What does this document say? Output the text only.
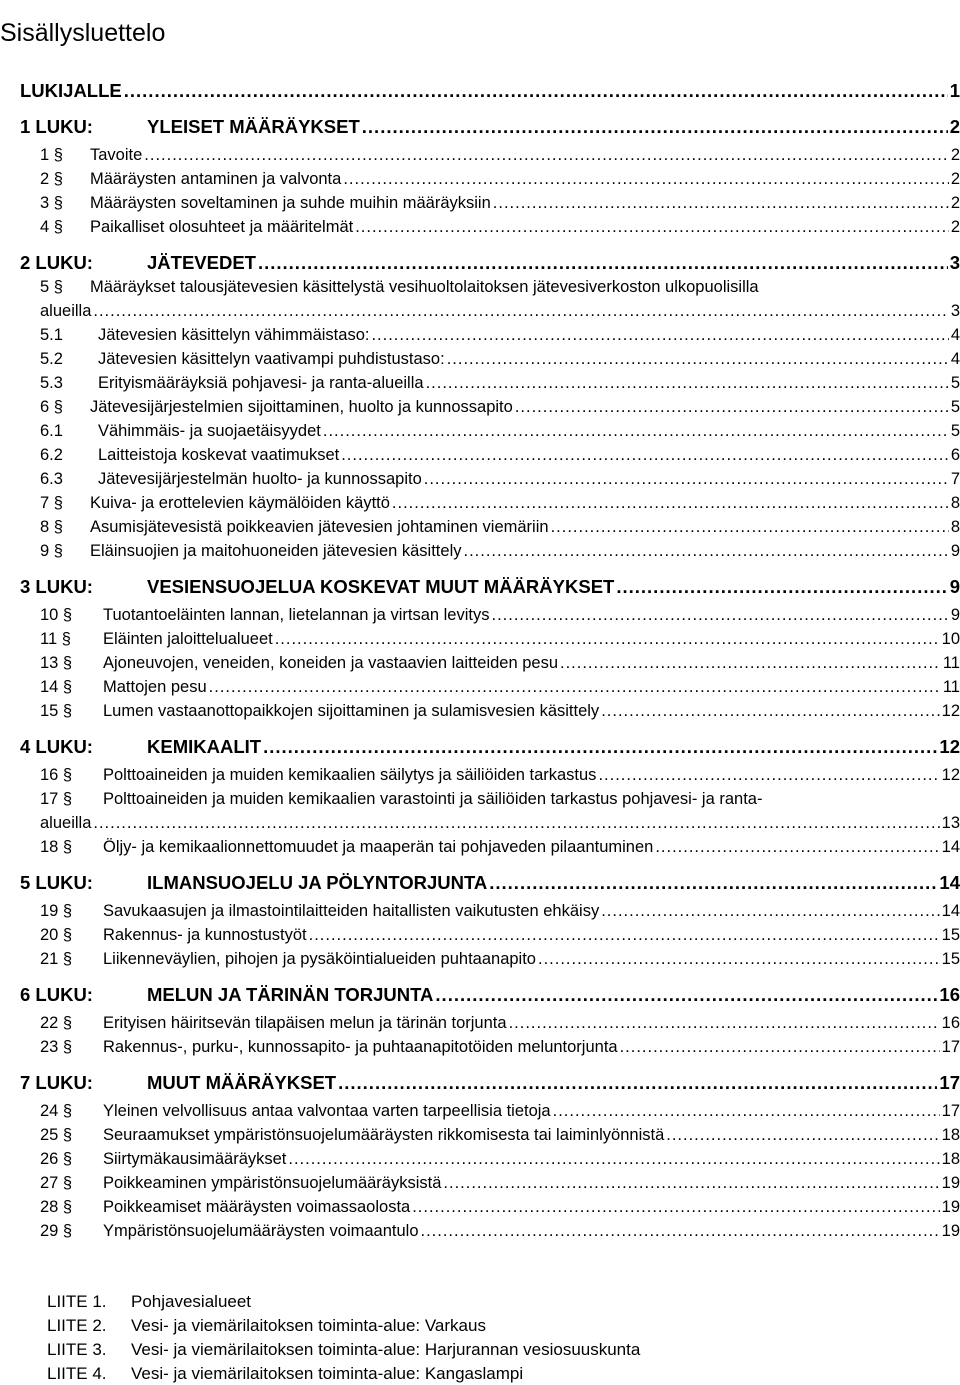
Sisällysluettelo
LUKIJALLE .....	1
1 LUKU:	YLEISET MÄÄRÄYKSET .....	2
1 §	Tavoite .....	2
2 §	Määräysten antaminen ja valvonta .....	2
3 §	Määräysten soveltaminen ja suhde muihin määräyksiin .....	2
4 §	Paikalliset olosuhteet ja määritelmät .....	2
2 LUKU:	JÄTEVEDET .....	3
5 §	Määräykset talousjätevesien käsittelystä vesihuoltolaitoksen jätevesiverkoston ulkopuolisilla
alueilla .....	3
5.1	Jätevesien käsittelyn vähimmäistaso: .....	4
5.2	Jätevesien käsittelyn vaativampi puhdistustaso: .....	4
5.3	Erityismääräyksiä pohjavesi- ja ranta-alueilla .....	5
6 §	Jätevesijärjestelmien sijoittaminen, huolto ja kunnossapito .....	5
6.1	Vähimmäis- ja suojaetäisyydet .....	5
6.2	Laitteistoja koskevat vaatimukset .....	6
6.3	Jätevesijärjestelmän huolto- ja kunnossapito .....	7
7 §	Kuiva- ja erottelevien käymälöiden käyttö .....	8
8 §	Asumisjätevesistä poikkeavien jätevesien johtaminen viemäriin .....	8
9 §	Eläinsuojien ja maitohuoneiden jätevesien käsittely .....	9
3 LUKU:	VESIENSUOJELUA KOSKEVAT MUUT MÄÄRÄYKSET .....	9
10 §	Tuotantoeläinten lannan, lietelannan ja virtsan levitys .....	9
11 §	Eläinten jaloittelualueet .....	10
13 §	Ajoneuvojen, veneiden, koneiden ja vastaavien laitteiden pesu .....	11
14 §	Mattojen pesu .....	11
15 §	Lumen vastaanottopaikkojen sijoittaminen ja sulamisvesien käsittely .....	12
4 LUKU:	KEMIKAALIT .....	12
16 §	Polttoaineiden ja muiden kemikaalien säilytys ja säiliöiden tarkastus .....	12
17 §	Polttoaineiden ja muiden kemikaalien varastointi ja säiliöiden tarkastus pohjavesi- ja ranta-
alueilla .....	13
18 §	Öljy- ja kemikaalionnettomuudet ja maaperän tai pohjaveden pilaantuminen .....	14
5 LUKU:	ILMANSUOJELU JA PÖLYNTORJUNTA .....	14
19 §	Savukaasujen ja ilmastointilaitteiden haitallisten vaikutusten ehkäisy .....	14
20 §	Rakennus- ja kunnostustyöt .....	15
21 §	Liikenneväylien, pihojen ja pysäköintialueiden puhtaanapito .....	15
6 LUKU:	MELUN JA TÄRINÄN TORJUNTA .....	16
22 §	Erityisen häiritsevän tilapäisen melun ja tärinän torjunta .....	16
23 §	Rakennus-, purku-, kunnossapito- ja puhtaanapitotöiden meluntorjunta .....	17
7 LUKU:	MUUT MÄÄRÄYKSET .....	17
24 §	Yleinen velvollisuus antaa valvontaa varten tarpeellisia tietoja .....	17
25 §	Seuraamukset ympäristönsuojelumääräysten rikkomisesta tai laiminlyönnistä .....	18
26 §	Siirtymäkausimääräykset .....	18
27 §	Poikkeaminen ympäristönsuojelumääräyksistä .....	19
28 §	Poikkeamiset määräysten voimassaolosta .....	19
29 §	Ympäristönsuojelumääräysten voimaantulo .....	19
LIITE 1. Pohjavesialueet
LIITE 2. Vesi- ja viemärilaitoksen toiminta-alue: Varkaus
LIITE 3. Vesi- ja viemärilaitoksen toiminta-alue: Harjurannan vesiosuuskunta
LIITE 4. Vesi- ja viemärilaitoksen toiminta-alue: Kangaslampi
